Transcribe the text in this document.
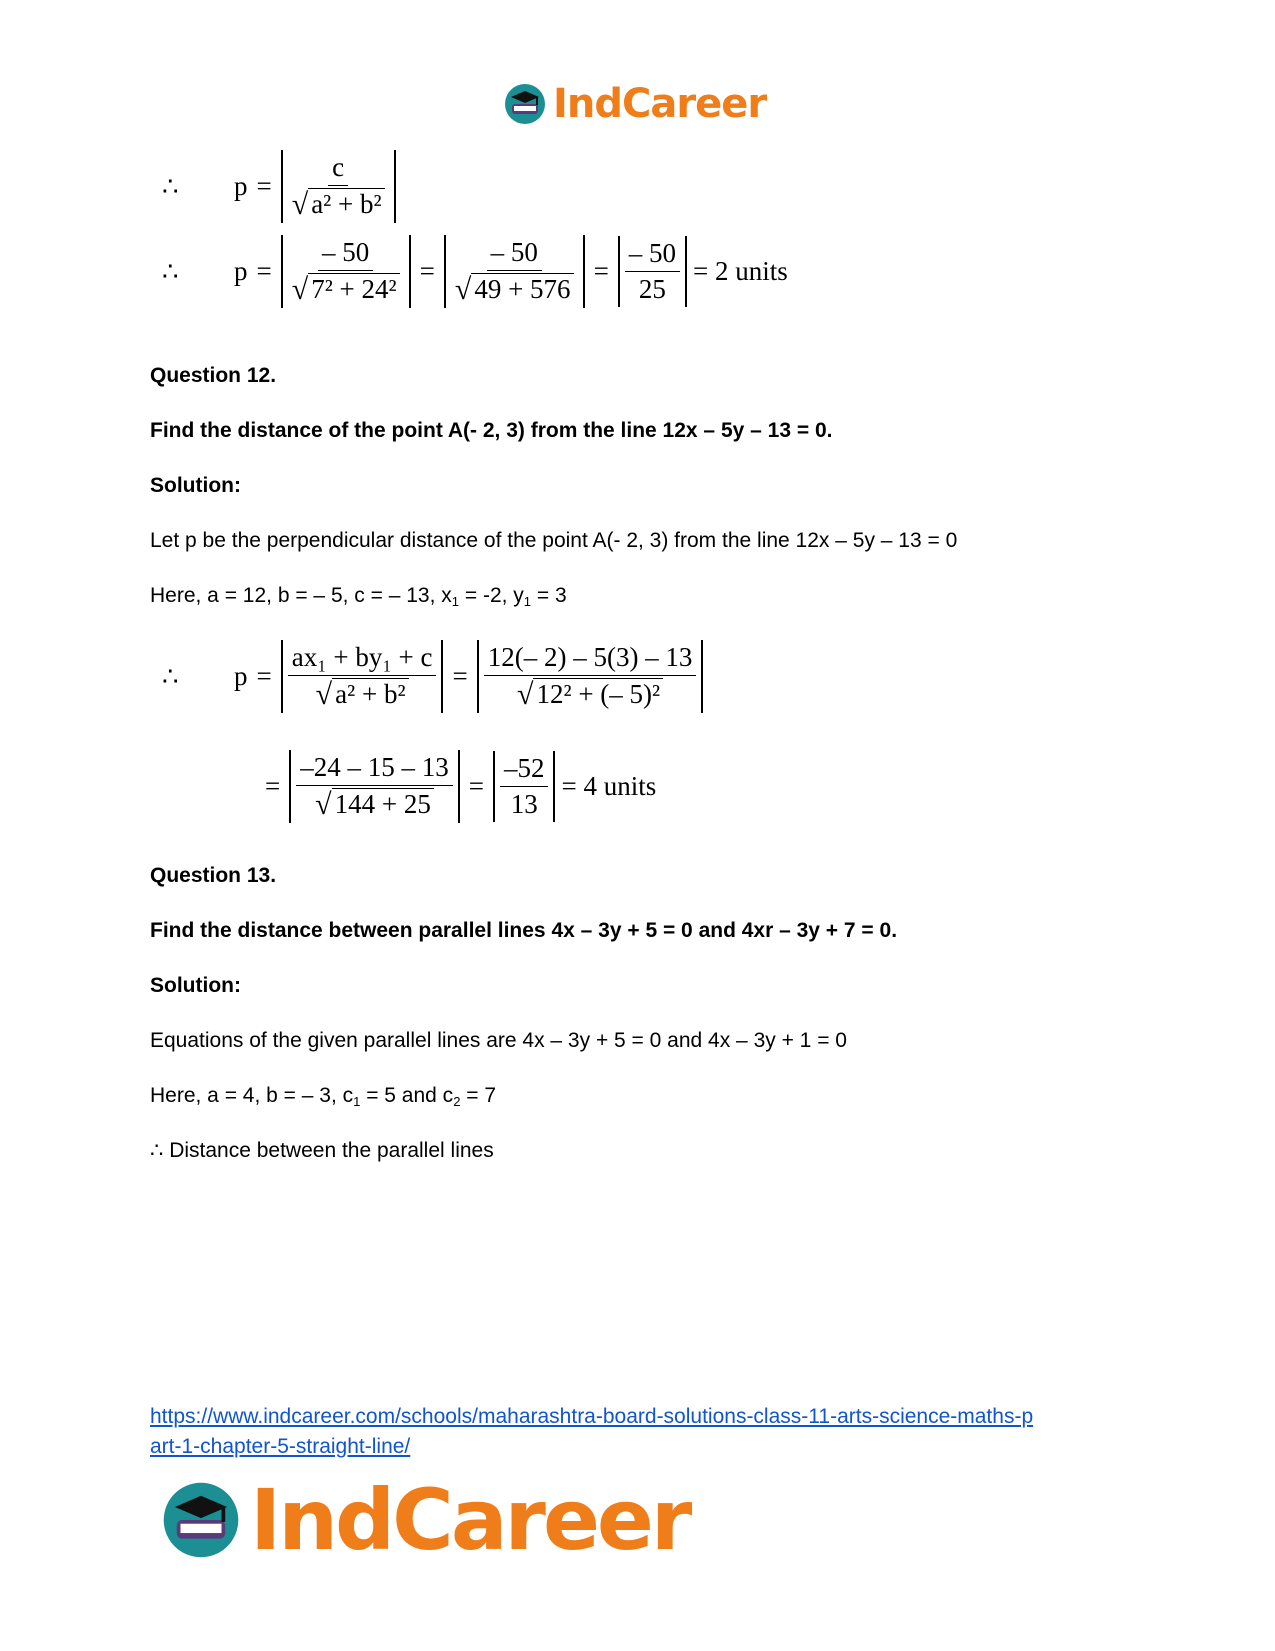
IndCareer
∴	$p = \frac{c}{\text{√ a² + b²}}$
∴	$p = \frac{- 50}{\text{√ 7² + 24²}} = \frac{- 50}{√ 49 + 576} = \frac{- 50}{25} = 2$ units
Question 12.
Find the distance of the point A(- 2, 3) from the line 12x – 5y – 13 = 0.
Solution:
Let p be the perpendicular distance of the point A(- 2, 3) from the line 12x – 5y – 13 = 0
Here, a = 12, b = – 5, c = – 13, $x_1 = -2$, $y_1 = 3$
∴	$p = \frac{\text{ax₁ + by₁ + c}}{\text{√ a² + b²}} = \frac{12(- 2) - 5(3) - 13}{\text{√ 12² + (– 5)²}}$
= $\frac{-24 - 15 - 13}{√ 144 + 25} = \frac{-52}{13} = 4$ units
Question 13.
Find the distance between parallel lines 4x – 3y + 5 = 0 and 4xr – 3y + 7 = 0.
Solution:
Equations of the given parallel lines are 4x – 3y + 5 = 0 and 4x – 3y + 1 = 0
Here, a = 4, b = – 3, $c_1 = 5$ and $c_2 = 7$
∴ Distance between the parallel lines
https://www.indcareer.com/schools/maharashtra-board-solutions-class-11-arts-science-maths-p
art-1-chapter-5-straight-line/
IndCareer
